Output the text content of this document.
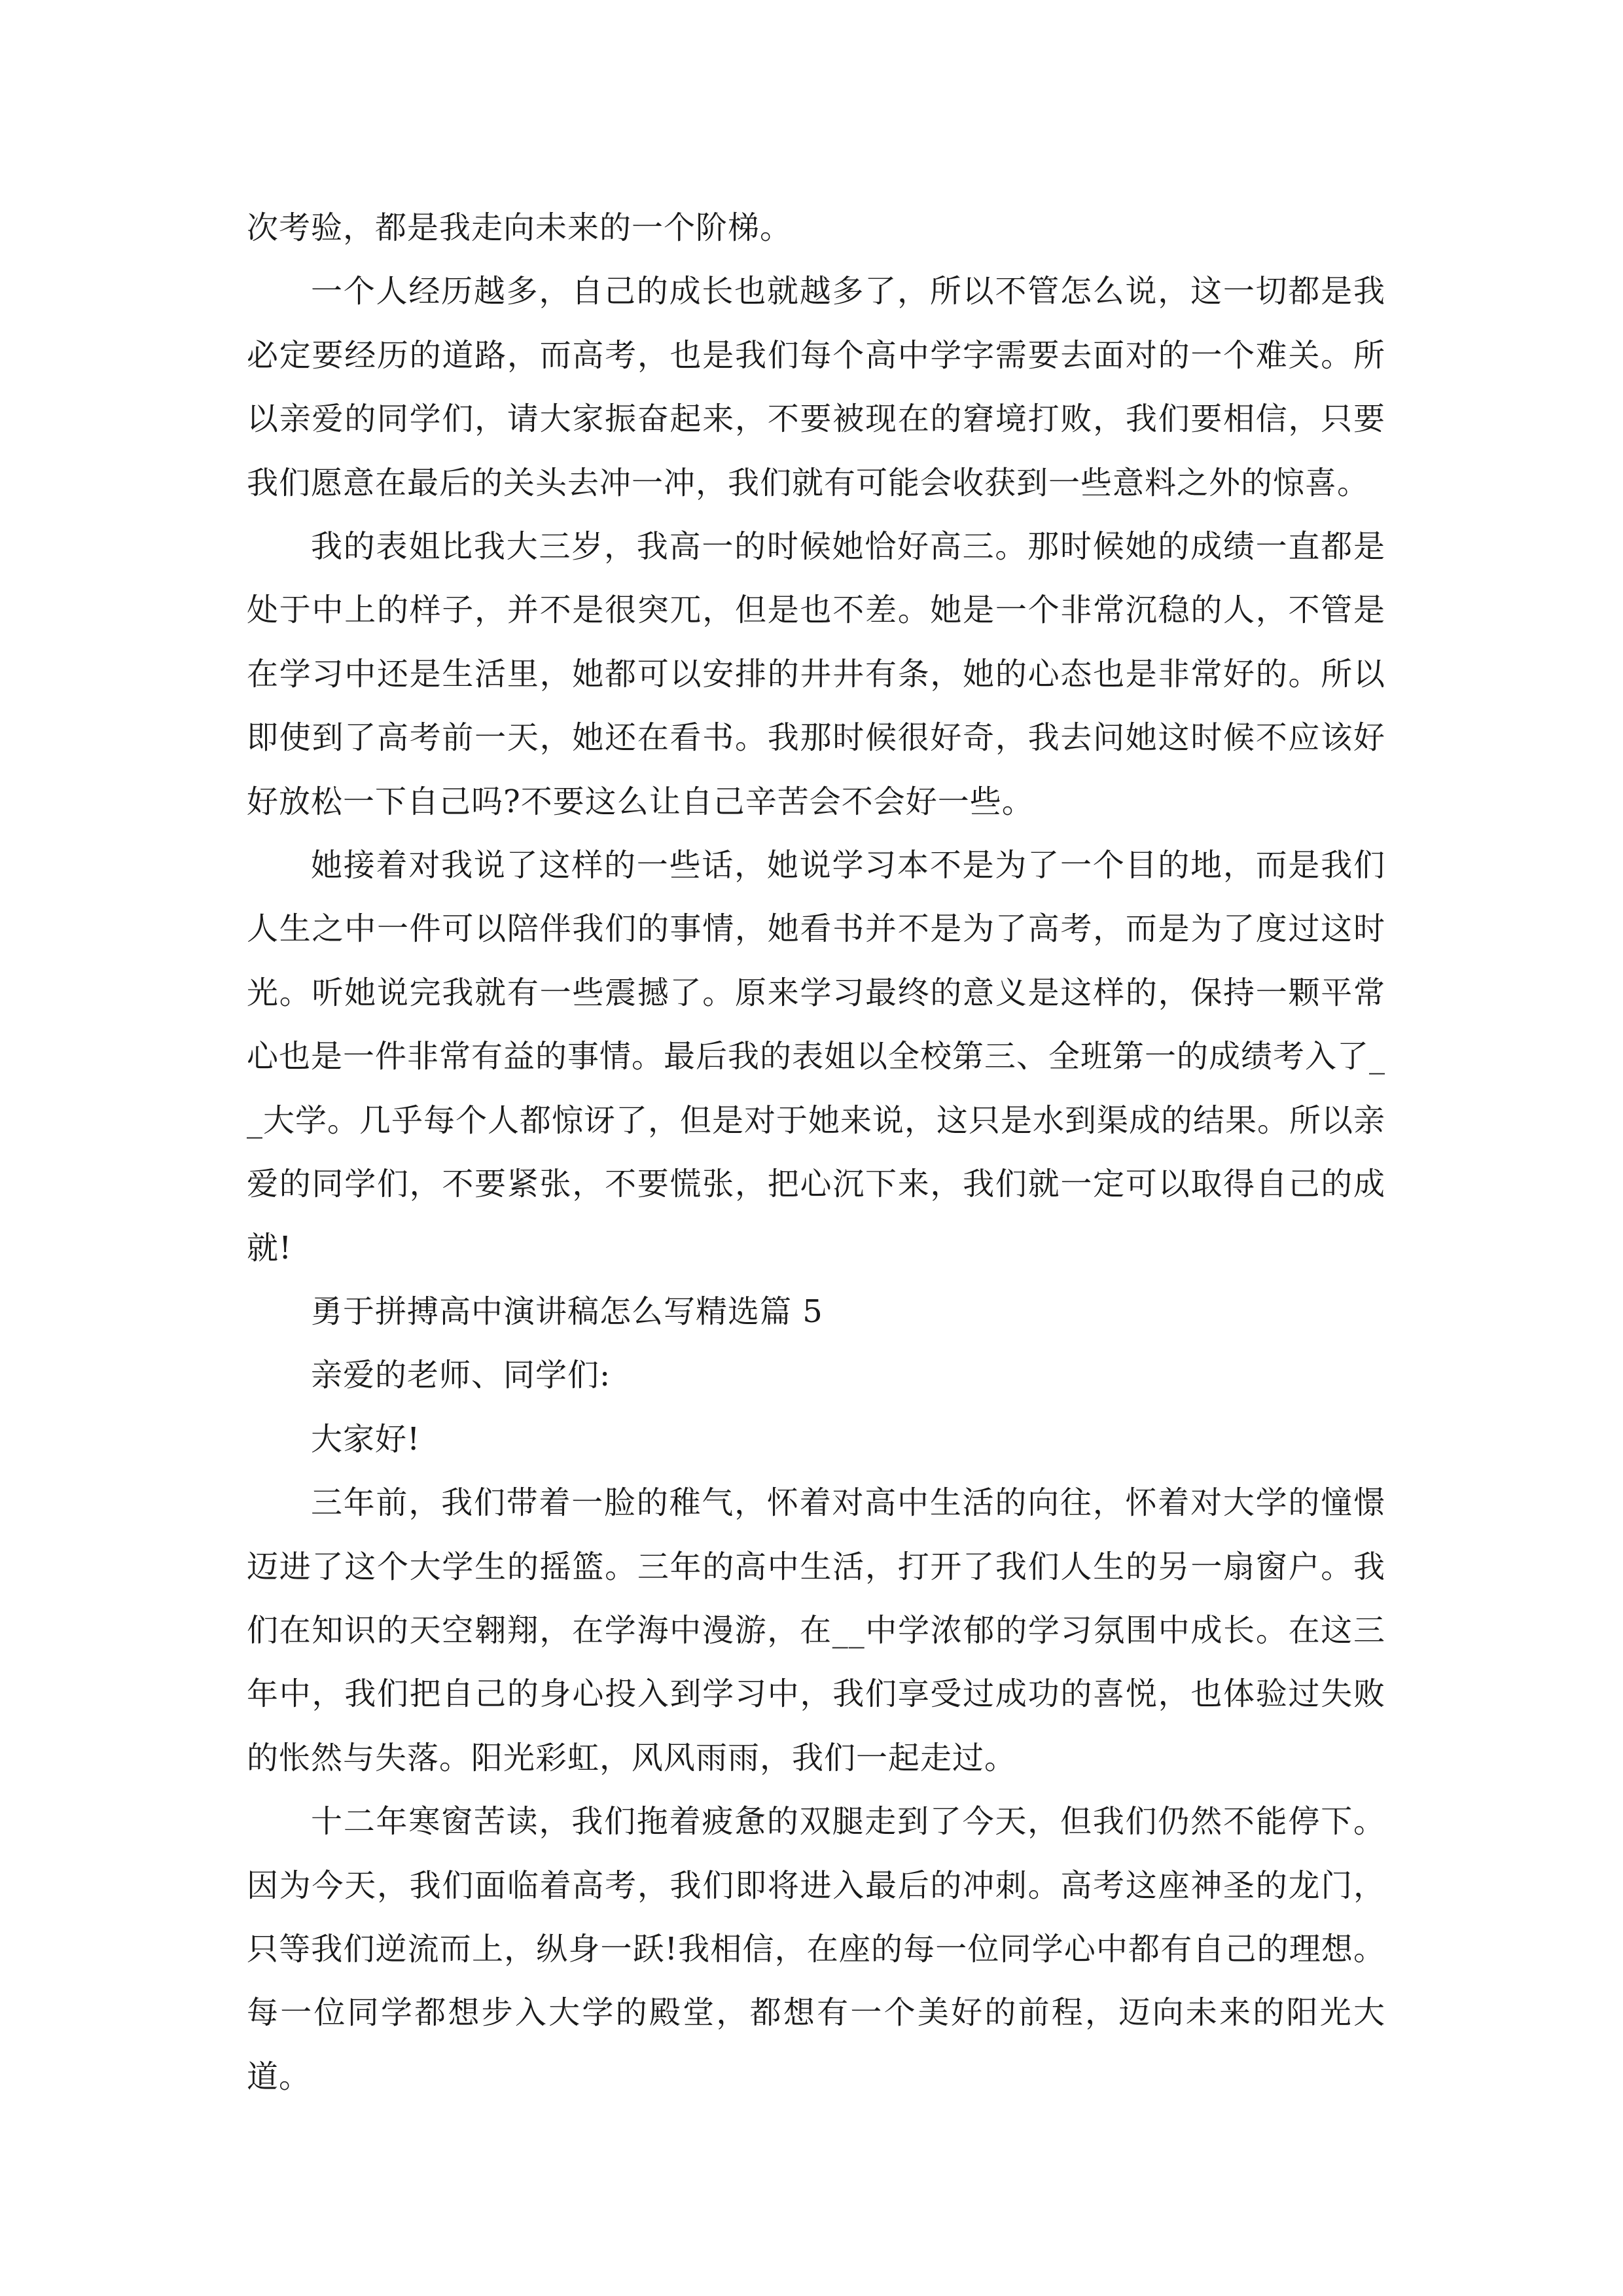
次考验，都是我走向未来的一个阶梯。

一个人经历越多，自己的成长也就越多了，所以不管怎么说，这一切都是我必定要经历的道路，而高考，也是我们每个高中学字需要去面对的一个难关。所以亲爱的同学们，请大家振奋起来，不要被现在的窘境打败，我们要相信，只要我们愿意在最后的关头去冲一冲，我们就有可能会收获到一些意料之外的惊喜。

我的表姐比我大三岁，我高一的时候她恰好高三。那时候她的成绩一直都是处于中上的样子，并不是很突兀，但是也不差。她是一个非常沉稳的人，不管是在学习中还是生活里，她都可以安排的井井有条，她的心态也是非常好的。所以即使到了高考前一天，她还在看书。我那时候很好奇，我去问她这时候不应该好好放松一下自己吗?不要这么让自己辛苦会不会好一些。

她接着对我说了这样的一些话，她说学习本不是为了一个目的地，而是我们人生之中一件可以陪伴我们的事情，她看书并不是为了高考，而是为了度过这时光。听她说完我就有一些震撼了。原来学习最终的意义是这样的，保持一颗平常心也是一件非常有益的事情。最后我的表姐以全校第三、全班第一的成绩考入了__大学。几乎每个人都惊讶了，但是对于她来说，这只是水到渠成的结果。所以亲爱的同学们，不要紧张，不要慌张，把心沉下来，我们就一定可以取得自己的成就!

勇于拼搏高中演讲稿怎么写精选篇 5

亲爱的老师、同学们:

大家好!

三年前，我们带着一脸的稚气，怀着对高中生活的向往，怀着对大学的憧憬迈进了这个大学生的摇篮。三年的高中生活，打开了我们人生的另一扇窗户。我们在知识的天空翱翔，在学海中漫游，在__中学浓郁的学习氛围中成长。在这三年中，我们把自己的身心投入到学习中，我们享受过成功的喜悦，也体验过失败的怅然与失落。阳光彩虹，风风雨雨，我们一起走过。

十二年寒窗苦读，我们拖着疲惫的双腿走到了今天，但我们仍然不能停下。因为今天，我们面临着高考，我们即将进入最后的冲刺。高考这座神圣的龙门，只等我们逆流而上，纵身一跃!我相信，在座的每一位同学心中都有自己的理想。每一位同学都想步入大学的殿堂，都想有一个美好的前程，迈向未来的阳光大道。
